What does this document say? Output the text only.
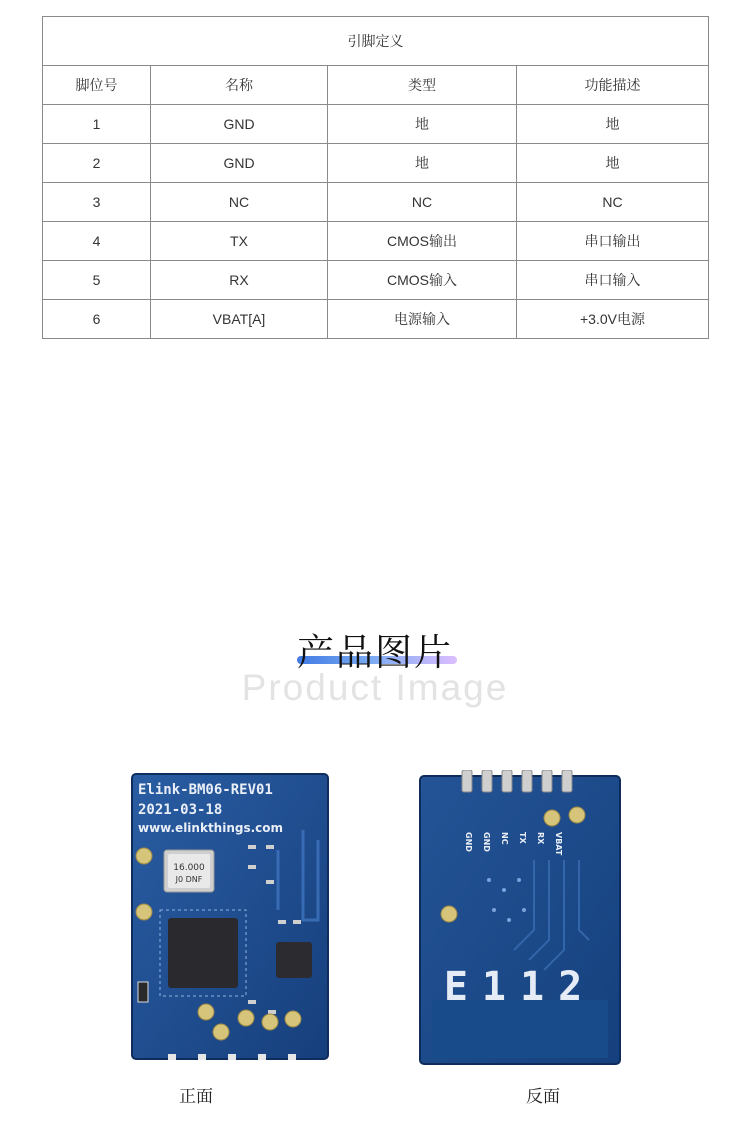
引脚定义			
脚位号	名称	类型	功能描述
1	GND	地	地
2	GND	地	地
3	NC	NC	NC
4	TX	CMOS输出	串口输出
5	RX	CMOS输入	串口输入
6	VBAT[A]	电源输入	+3.0V电源
产品图片
Product Image
Elink-BM06-REV01
2021-03-18
www.elinkthings.com
16.000
J0 DNF
GND GND NC TX RX VBAT
E112
正面	反面
